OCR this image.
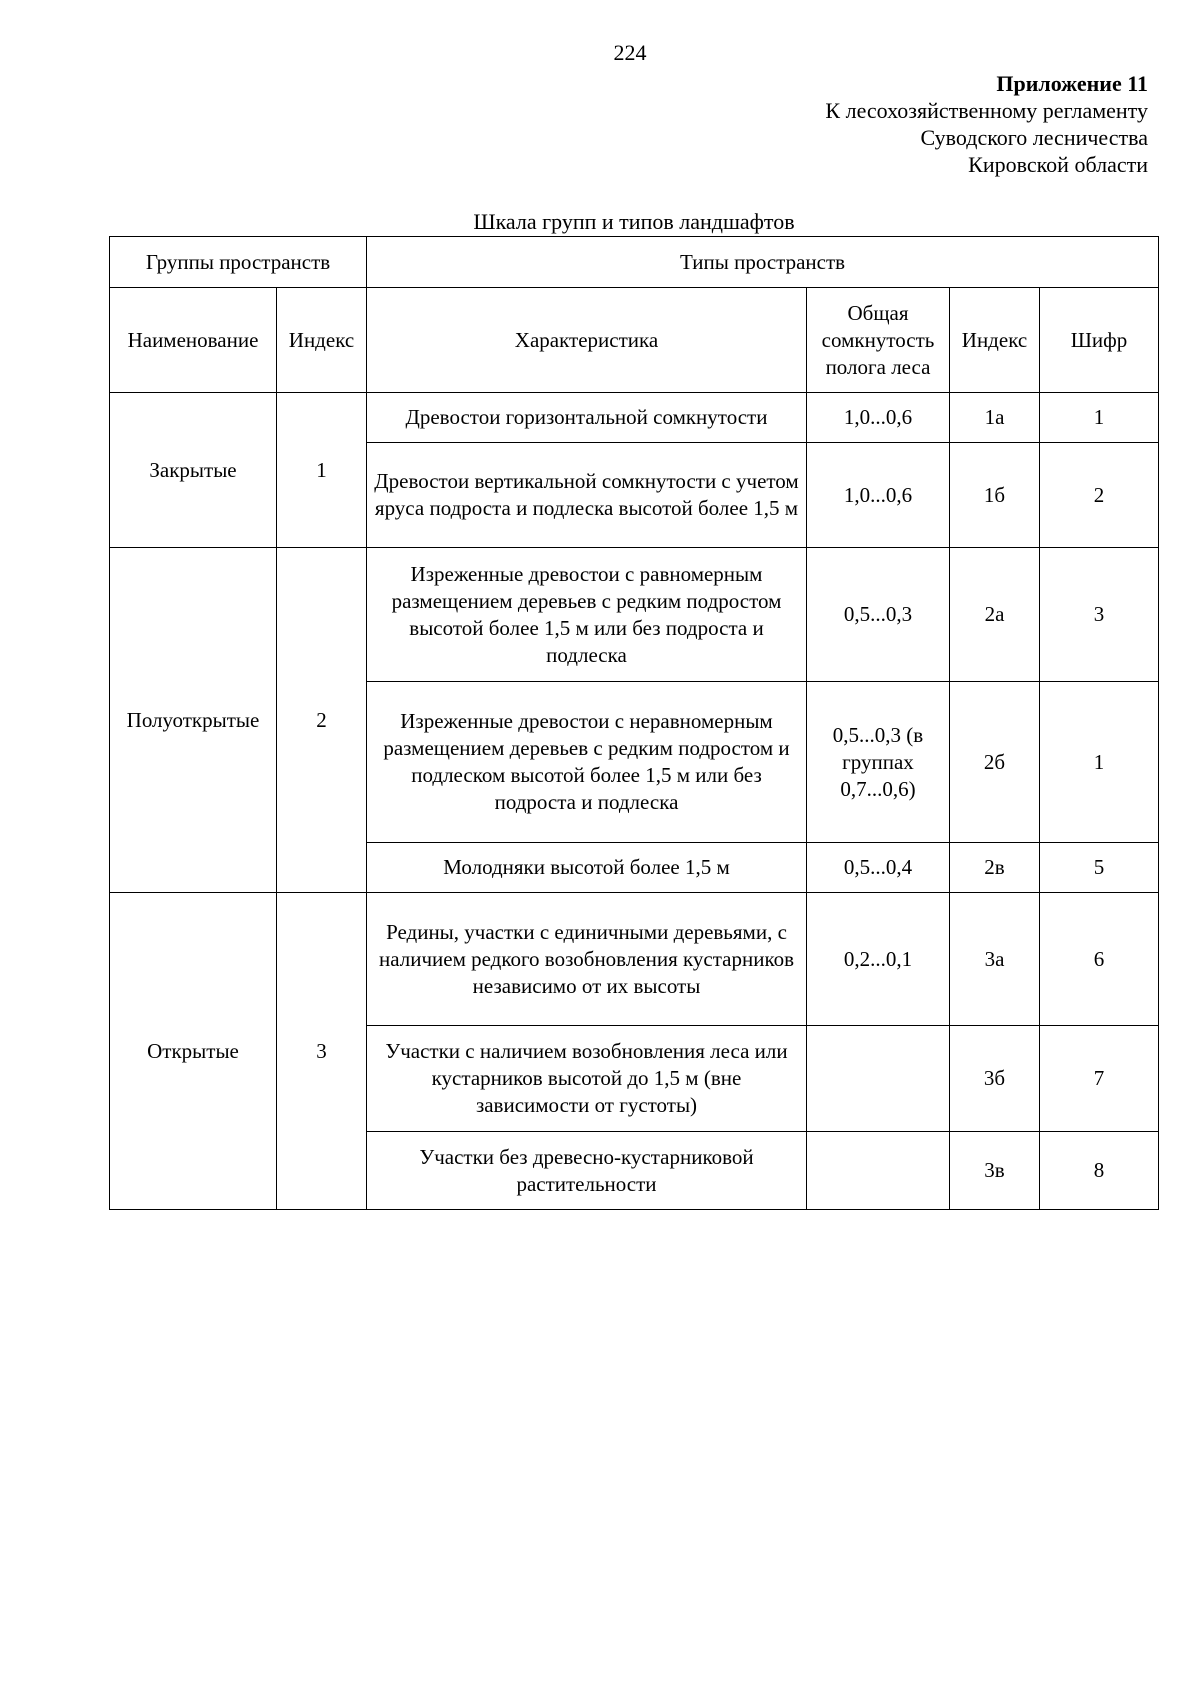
224
Приложение 11
К лесохозяйственному регламенту
Суводского лесничества
Кировской области
Шкала групп и типов ландшафтов
Группы пространств		Типы пространств			
Наименование	Индекс	Характеристика	Общая сомкнутость полога леса	Индекс	Шифр
Закрытые	1	Древостои горизонтальной сомкнутости	1,0...0,6	1а	1
		Древостои вертикальной сомкнутости с учетом яруса подроста и подлеска высотой более 1,5 м	1,0...0,6	1б	2
Полуоткрытые	2	Изреженные древостои с равномерным размещением деревьев с редким подростом высотой более 1,5 м или без подроста и подлеска	0,5...0,3	2а	3
		Изреженные древостои с неравномерным размещением деревьев с редким подростом и подлеском высотой более 1,5 м или без подроста и подлеска	0,5...0,3 (в группах 0,7...0,6)	2б	1
		Молодняки высотой более 1,5 м	0,5...0,4	2в	5
Открытые	3	Редины, участки с единичными деревьями, с наличием редкого возобновления кустарников независимо от их высоты	0,2...0,1	3а	6
		Участки с наличием возобновления леса или кустарников высотой до 1,5 м (вне зависимости от густоты)		3б	7
		Участки без древесно-кустарниковой растительности		3в	8
